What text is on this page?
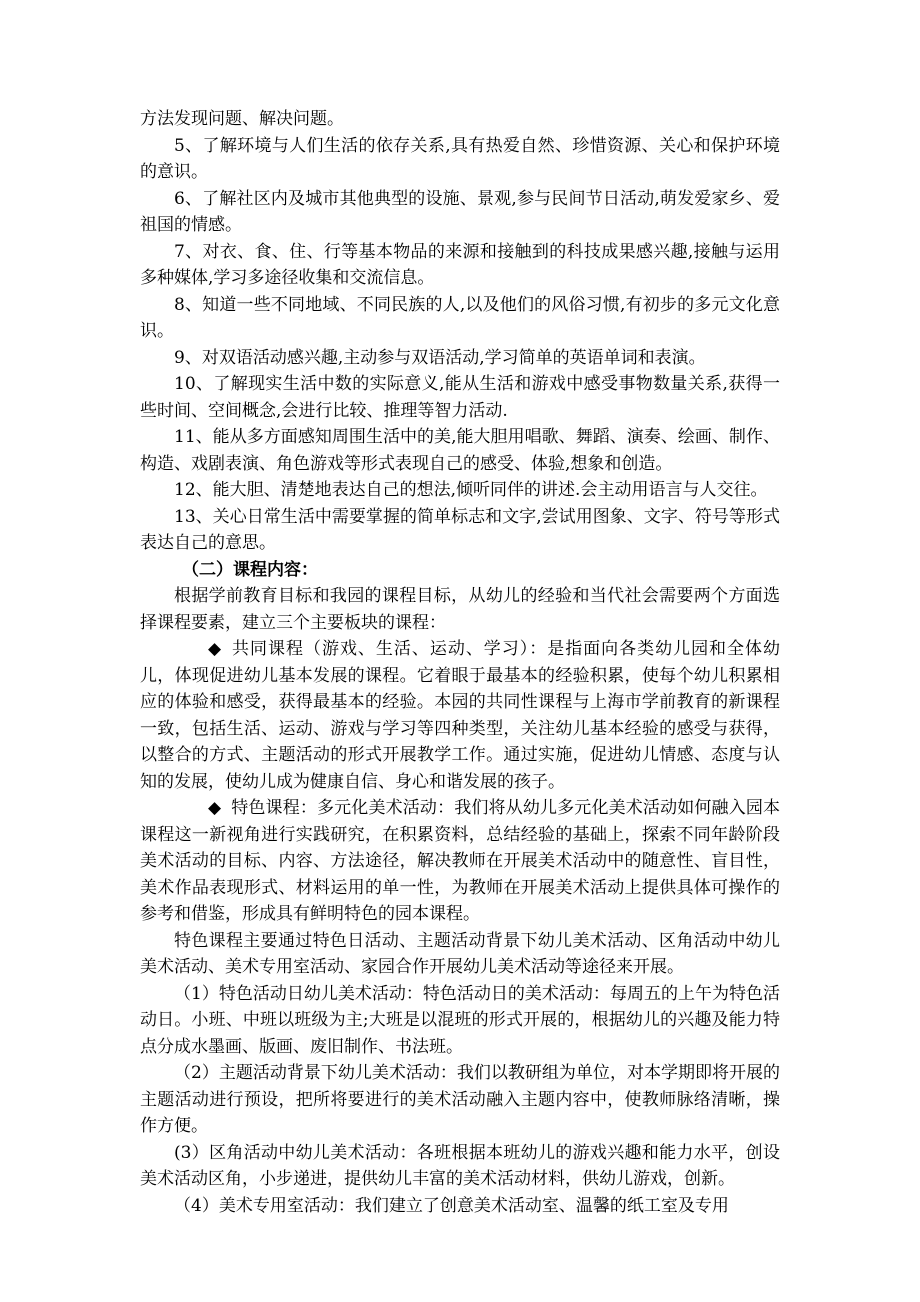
方法发现问题、解决问题。

5、了解环境与人们生活的依存关系,具有热爱自然、珍惜资源、关心和保护环境的意识。

6、了解社区内及城市其他典型的设施、景观,参与民间节日活动,萌发爱家乡、爱祖国的情感。

7、对衣、食、住、行等基本物品的来源和接触到的科技成果感兴趣,接触与运用多种媒体,学习多途径收集和交流信息。

8、知道一些不同地域、不同民族的人,以及他们的风俗习惯,有初步的多元文化意识。

9、对双语活动感兴趣,主动参与双语活动,学习简单的英语单词和表演。

10、了解现实生活中数的实际意义,能从生活和游戏中感受事物数量关系,获得一些时间、空间概念,会进行比较、推理等智力活动.

11、能从多方面感知周围生活中的美,能大胆用唱歌、舞蹈、演奏、绘画、制作、构造、戏剧表演、角色游戏等形式表现自己的感受、体验,想象和创造。

12、能大胆、清楚地表达自己的想法,倾听同伴的讲述.会主动用语言与人交往。

13、关心日常生活中需要掌握的简单标志和文字,尝试用图象、文字、符号等形式表达自己的意思。

（二）课程内容：

根据学前教育目标和我园的课程目标，从幼儿的经验和当代社会需要两个方面选择课程要素，建立三个主要板块的课程：

◆ 共同课程（游戏、生活、运动、学习）：是指面向各类幼儿园和全体幼儿，体现促进幼儿基本发展的课程。它着眼于最基本的经验积累，使每个幼儿积累相应的体验和感受，获得最基本的经验。本园的共同性课程与上海市学前教育的新课程一致，包括生活、运动、游戏与学习等四种类型，关注幼儿基本经验的感受与获得，以整合的方式、主题活动的形式开展教学工作。通过实施，促进幼儿情感、态度与认知的发展，使幼儿成为健康自信、身心和谐发展的孩子。

◆ 特色课程：多元化美术活动：我们将从幼儿多元化美术活动如何融入园本课程这一新视角进行实践研究，在积累资料，总结经验的基础上，探索不同年龄阶段美术活动的目标、内容、方法途径，解决教师在开展美术活动中的随意性、盲目性，美术作品表现形式、材料运用的单一性，为教师在开展美术活动上提供具体可操作的参考和借鉴，形成具有鲜明特色的园本课程。

特色课程主要通过特色日活动、主题活动背景下幼儿美术活动、区角活动中幼儿美术活动、美术专用室活动、家园合作开展幼儿美术活动等途径来开展。

（1）特色活动日幼儿美术活动：特色活动日的美术活动：每周五的上午为特色活动日。小班、中班以班级为主;大班是以混班的形式开展的，根据幼儿的兴趣及能力特点分成水墨画、版画、废旧制作、书法班。

（2）主题活动背景下幼儿美术活动：我们以教研组为单位，对本学期即将开展的主题活动进行预设，把所将要进行的美术活动融入主题内容中，使教师脉络清晰，操作方便。

(3）区角活动中幼儿美术活动：各班根据本班幼儿的游戏兴趣和能力水平，创设美术活动区角，小步递进，提供幼儿丰富的美术活动材料，供幼儿游戏，创新。

（4）美术专用室活动：我们建立了创意美术活动室、温馨的纸工室及专用
